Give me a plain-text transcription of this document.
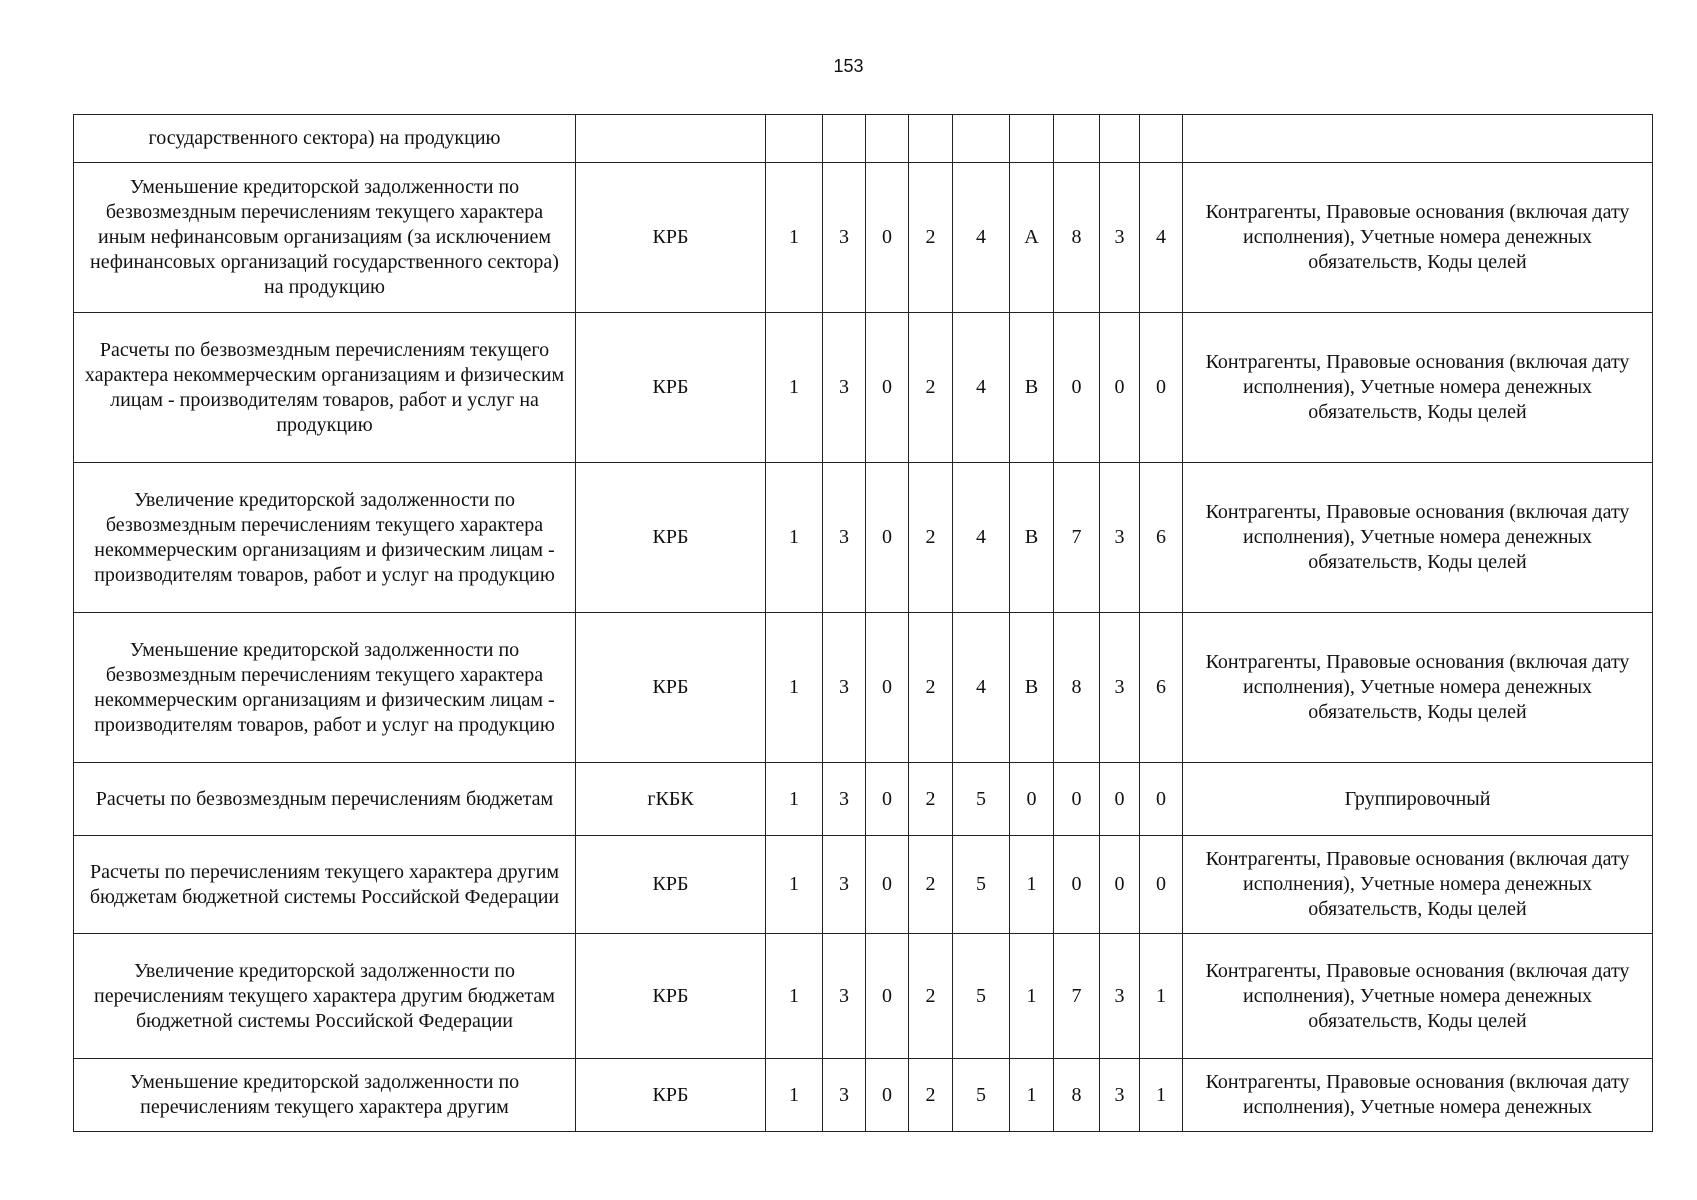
153
государственного сектора) на продукцию											
Уменьшение кредиторской задолженности по безвозмездным перечислениям текущего характера иным нефинансовым организациям (за исключением нефинансовых организаций государственного сектора) на продукцию	КРБ	1	3	0	2	4	А	8	3	4	Контрагенты, Правовые основания (включая дату исполнения), Учетные номера денежных обязательств, Коды целей
Расчеты по безвозмездным перечислениям текущего характера некоммерческим организациям и физическим лицам - производителям товаров, работ и услуг на продукцию	КРБ	1	3	0	2	4	В	0	0	0	Контрагенты, Правовые основания (включая дату исполнения), Учетные номера денежных обязательств, Коды целей
Увеличение кредиторской задолженности по безвозмездным перечислениям текущего характера некоммерческим организациям и физическим лицам - производителям товаров, работ и услуг на продукцию	КРБ	1	3	0	2	4	В	7	3	6	Контрагенты, Правовые основания (включая дату исполнения), Учетные номера денежных обязательств, Коды целей
Уменьшение кредиторской задолженности по безвозмездным перечислениям текущего характера некоммерческим организациям и физическим лицам - производителям товаров, работ и услуг на продукцию	КРБ	1	3	0	2	4	В	8	3	6	Контрагенты, Правовые основания (включая дату исполнения), Учетные номера денежных обязательств, Коды целей
Расчеты по безвозмездным перечислениям бюджетам	гКБК	1	3	0	2	5	0	0	0	0	Группировочный
Расчеты по перечислениям текущего характера другим бюджетам бюджетной системы Российской Федерации	КРБ	1	3	0	2	5	1	0	0	0	Контрагенты, Правовые основания (включая дату исполнения), Учетные номера денежных обязательств, Коды целей
Увеличение кредиторской задолженности по перечислениям текущего характера другим бюджетам бюджетной системы Российской Федерации	КРБ	1	3	0	2	5	1	7	3	1	Контрагенты, Правовые основания (включая дату исполнения), Учетные номера денежных обязательств, Коды целей
Уменьшение кредиторской задолженности по перечислениям текущего характера другим	КРБ	1	3	0	2	5	1	8	3	1	Контрагенты, Правовые основания (включая дату исполнения), Учетные номера денежных
